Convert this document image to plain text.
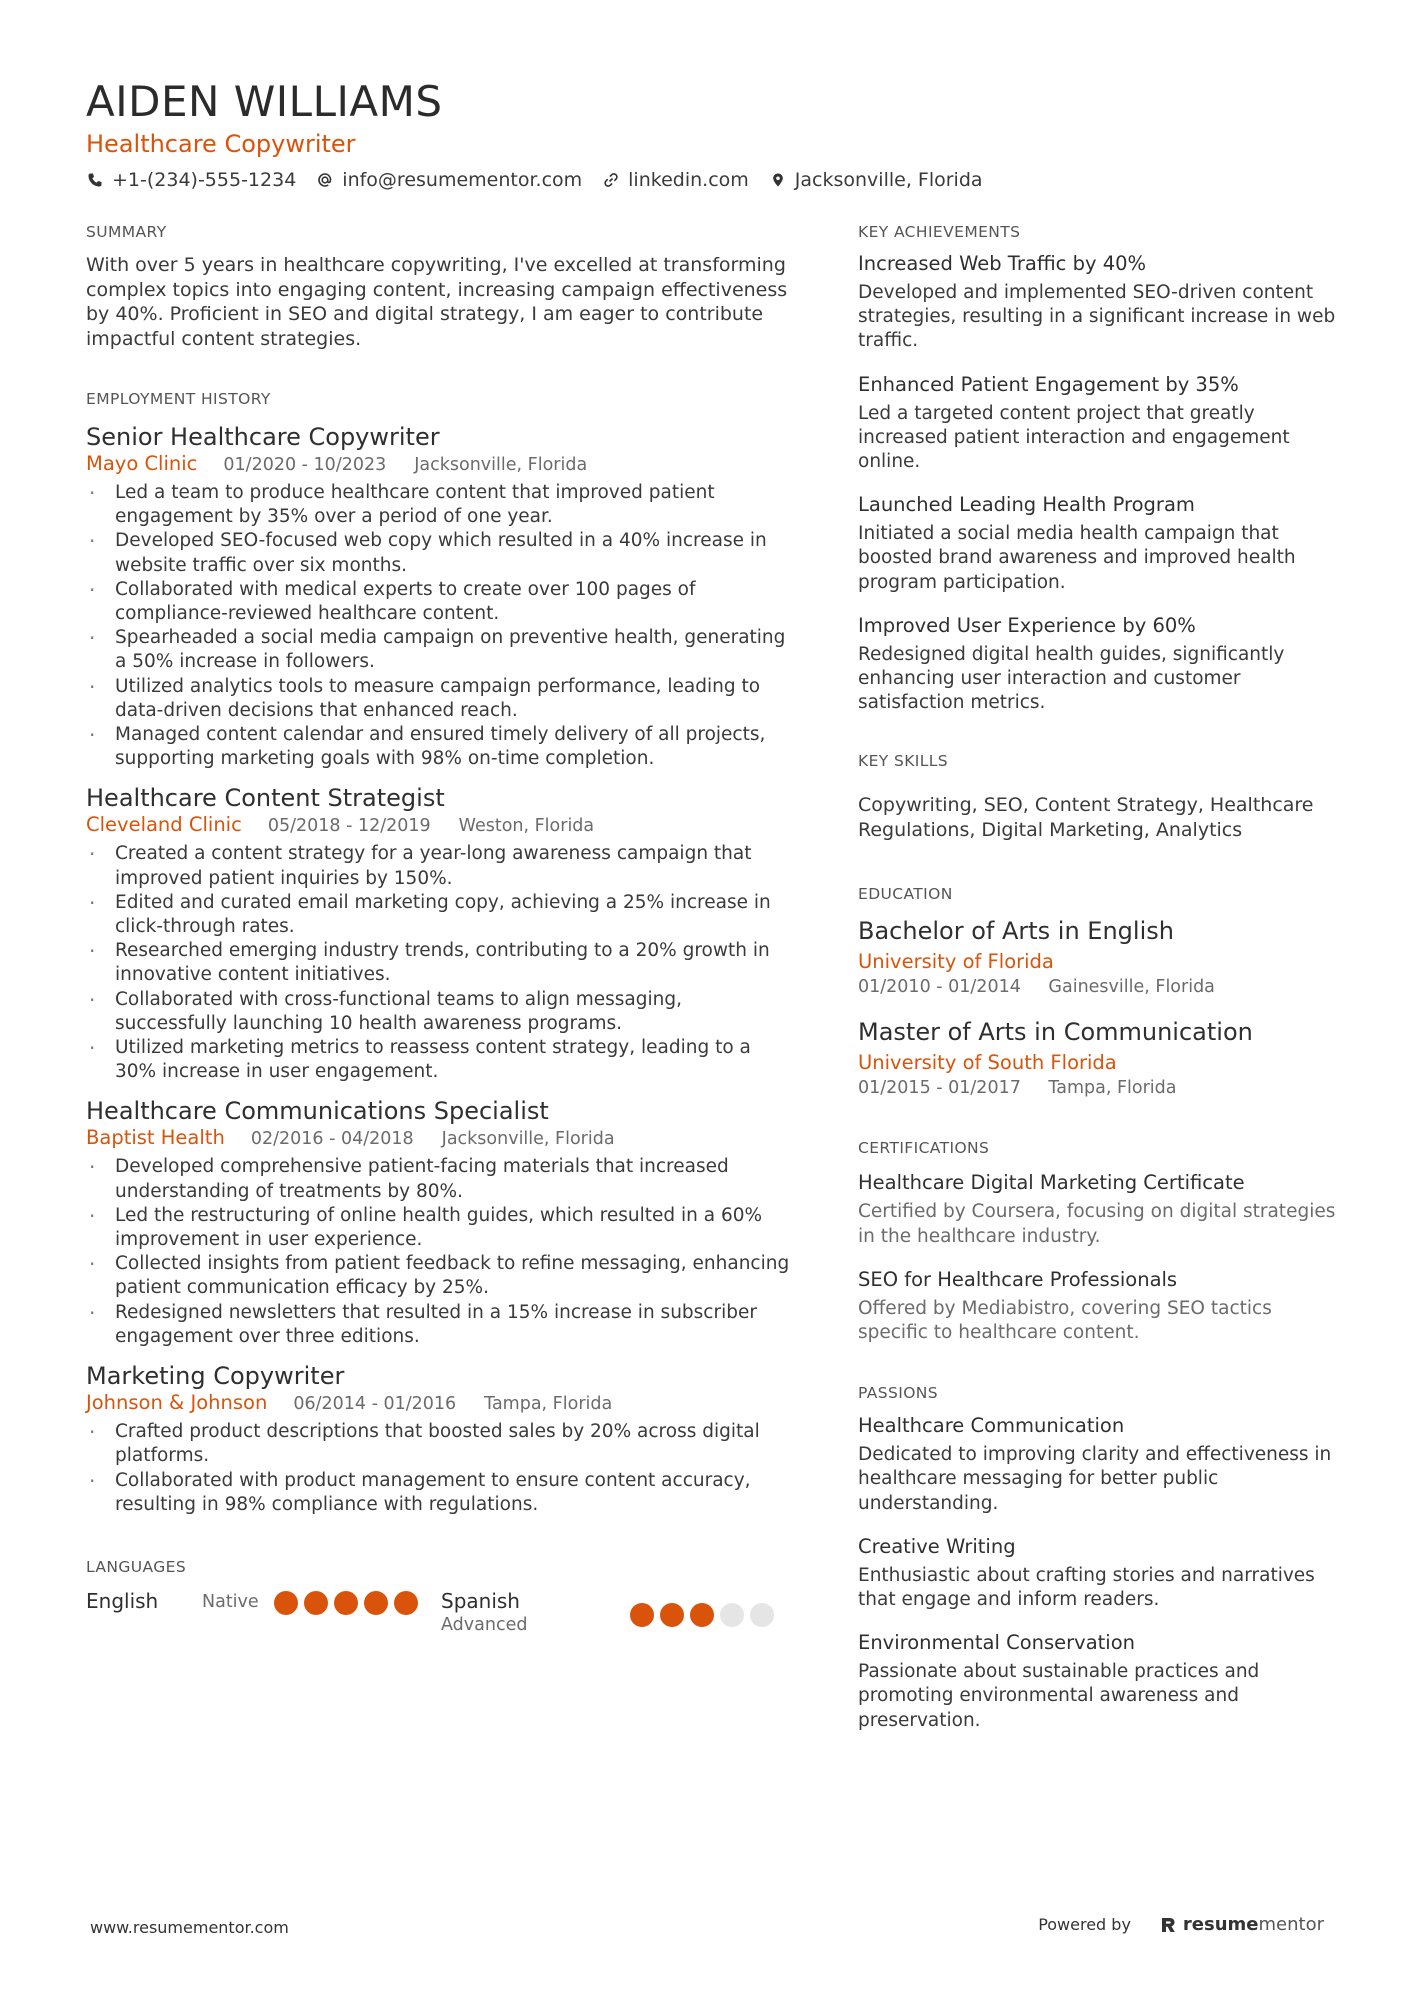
AIDEN WILLIAMS
Healthcare Copywriter
+1-(234)-555-1234 info@resumementor.com linkedin.com Jacksonville, Florida
SUMMARY
With over 5 years in healthcare copywriting, I've excelled at transforming complex topics into engaging content, increasing campaign effectiveness by 40%. Proficient in SEO and digital strategy, I am eager to contribute impactful content strategies.
EMPLOYMENT HISTORY
Senior Healthcare Copywriter
Mayo Clinic 01/2020 - 10/2023 Jacksonville, Florida
· Led a team to produce healthcare content that improved patient engagement by 35% over a period of one year.
· Developed SEO-focused web copy which resulted in a 40% increase in website traffic over six months.
· Collaborated with medical experts to create over 100 pages of compliance-reviewed healthcare content.
· Spearheaded a social media campaign on preventive health, generating a 50% increase in followers.
· Utilized analytics tools to measure campaign performance, leading to data-driven decisions that enhanced reach.
· Managed content calendar and ensured timely delivery of all projects, supporting marketing goals with 98% on-time completion.
Healthcare Content Strategist
Cleveland Clinic 05/2018 - 12/2019 Weston, Florida
· Created a content strategy for a year-long awareness campaign that improved patient inquiries by 150%.
· Edited and curated email marketing copy, achieving a 25% increase in click-through rates.
· Researched emerging industry trends, contributing to a 20% growth in innovative content initiatives.
· Collaborated with cross-functional teams to align messaging, successfully launching 10 health awareness programs.
· Utilized marketing metrics to reassess content strategy, leading to a 30% increase in user engagement.
Healthcare Communications Specialist
Baptist Health 02/2016 - 04/2018 Jacksonville, Florida
· Developed comprehensive patient-facing materials that increased understanding of treatments by 80%.
· Led the restructuring of online health guides, which resulted in a 60% improvement in user experience.
· Collected insights from patient feedback to refine messaging, enhancing patient communication efficacy by 25%.
· Redesigned newsletters that resulted in a 15% increase in subscriber engagement over three editions.
Marketing Copywriter
Johnson & Johnson 06/2014 - 01/2016 Tampa, Florida
· Crafted product descriptions that boosted sales by 20% across digital platforms.
· Collaborated with product management to ensure content accuracy, resulting in 98% compliance with regulations.
LANGUAGES
English	Native	Spanish
Advanced
KEY ACHIEVEMENTS
Increased Web Traffic by 40%
Developed and implemented SEO-driven content strategies, resulting in a significant increase in web traffic.
Enhanced Patient Engagement by 35%
Led a targeted content project that greatly increased patient interaction and engagement online.
Launched Leading Health Program
Initiated a social media health campaign that boosted brand awareness and improved health program participation.
Improved User Experience by 60%
Redesigned digital health guides, significantly enhancing user interaction and customer satisfaction metrics.
KEY SKILLS
Copywriting, SEO, Content Strategy, Healthcare Regulations, Digital Marketing, Analytics
EDUCATION
Bachelor of Arts in English
University of Florida
01/2010 - 01/2014 Gainesville, Florida
Master of Arts in Communication
University of South Florida
01/2015 - 01/2017 Tampa, Florida
CERTIFICATIONS
Healthcare Digital Marketing Certificate
Certified by Coursera, focusing on digital strategies in the healthcare industry.
SEO for Healthcare Professionals
Offered by Mediabistro, covering SEO tactics specific to healthcare content.
PASSIONS
Healthcare Communication
Dedicated to improving clarity and effectiveness in healthcare messaging for better public understanding.
Creative Writing
Enthusiastic about crafting stories and narratives that engage and inform readers.
Environmental Conservation
Passionate about sustainable practices and promoting environmental awareness and preservation.
www.resumementor.com	Powered by	resume mentor
